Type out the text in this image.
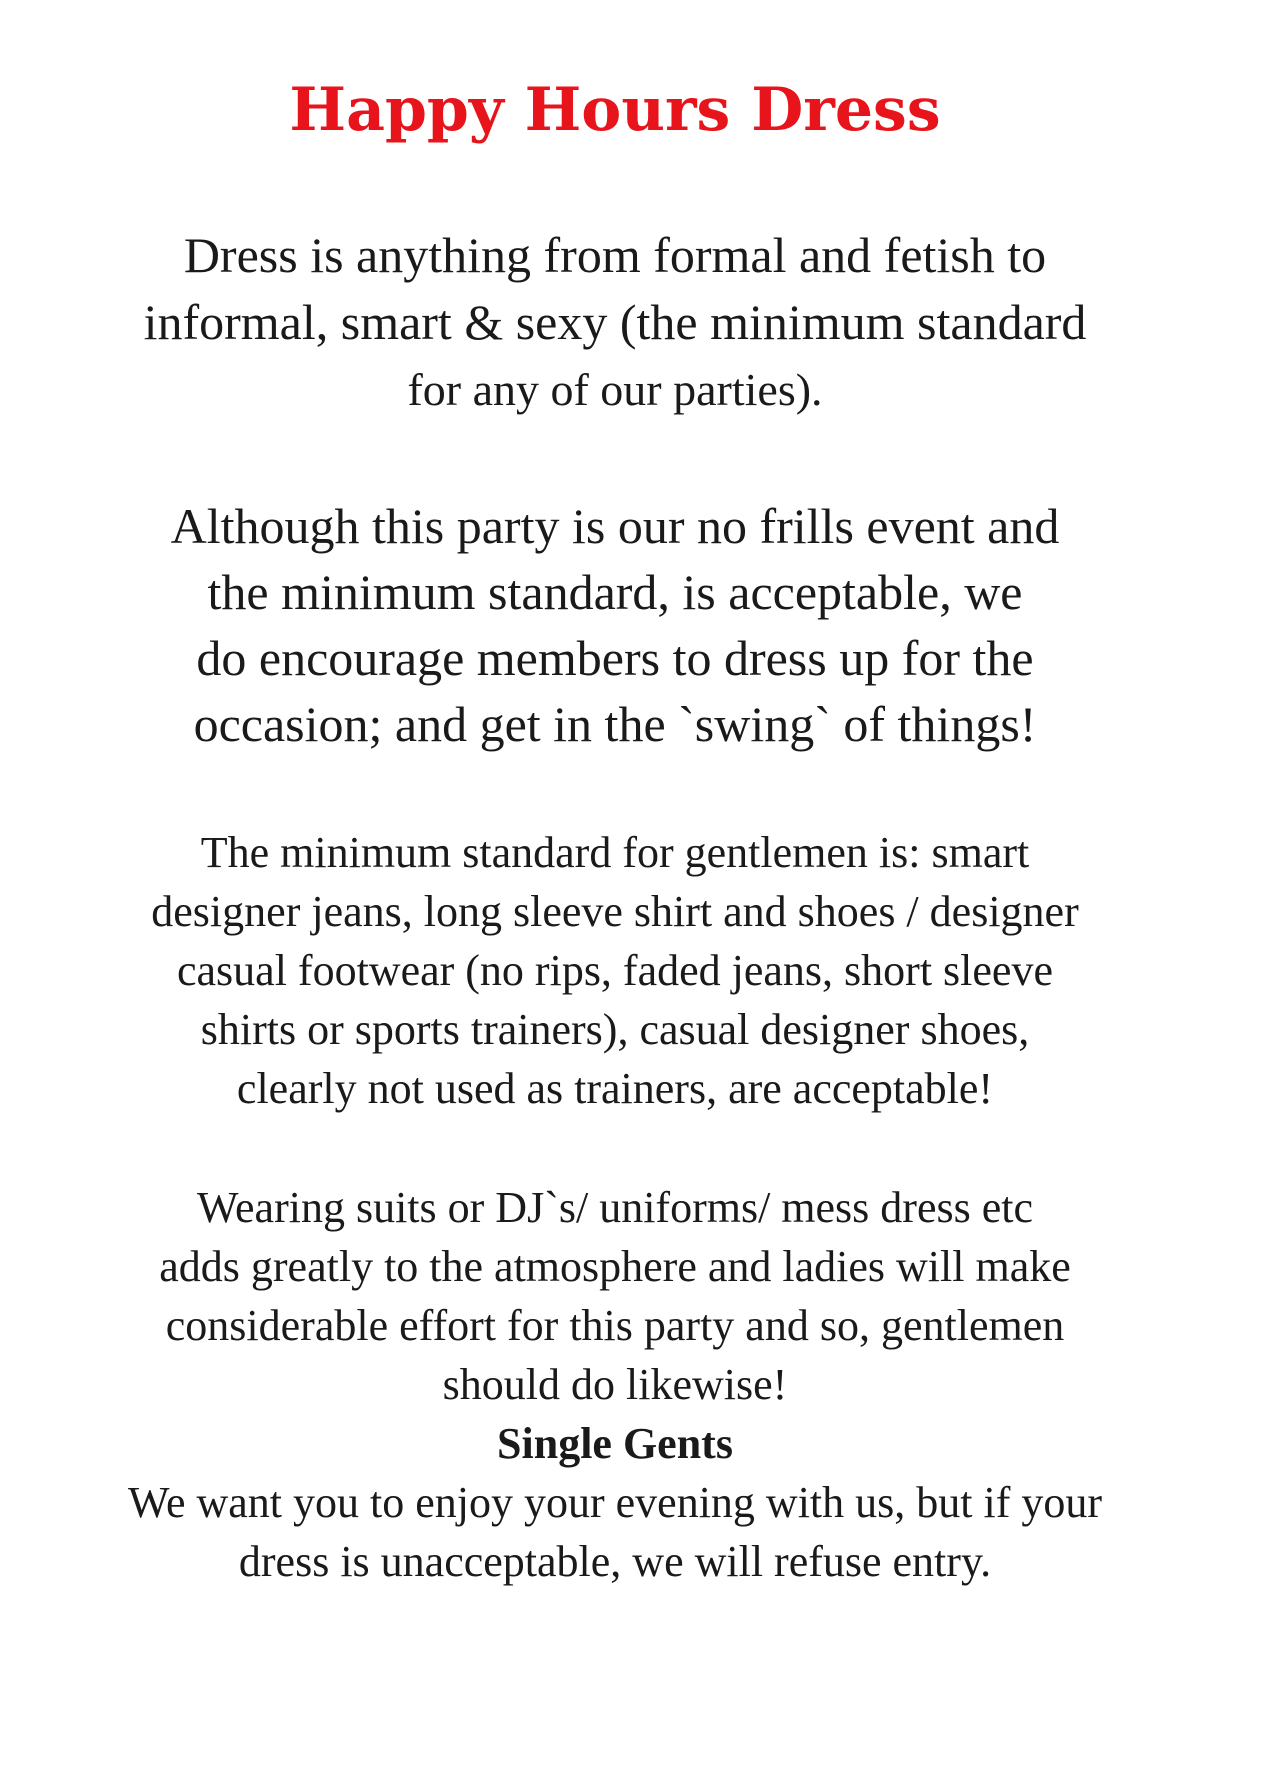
Happy Hours Dress

Dress is anything from formal and fetish to
informal, smart & sexy (the minimum standard
for any of our parties).

Although this party is our no frills event and
the minimum standard, is acceptable, we
do encourage members to dress up for the
occasion; and get in the `swing` of things!

The minimum standard for gentlemen is: smart
designer jeans, long sleeve shirt and shoes / designer
casual footwear (no rips, faded jeans, short sleeve
shirts or sports trainers), casual designer shoes,
clearly not used as trainers, are acceptable!

Wearing suits or DJ`s/ uniforms/ mess dress etc
adds greatly to the atmosphere and ladies will make
considerable effort for this party and so, gentlemen
should do likewise!
Single Gents
We want you to enjoy your evening with us, but if your
dress is unacceptable, we will refuse entry.
